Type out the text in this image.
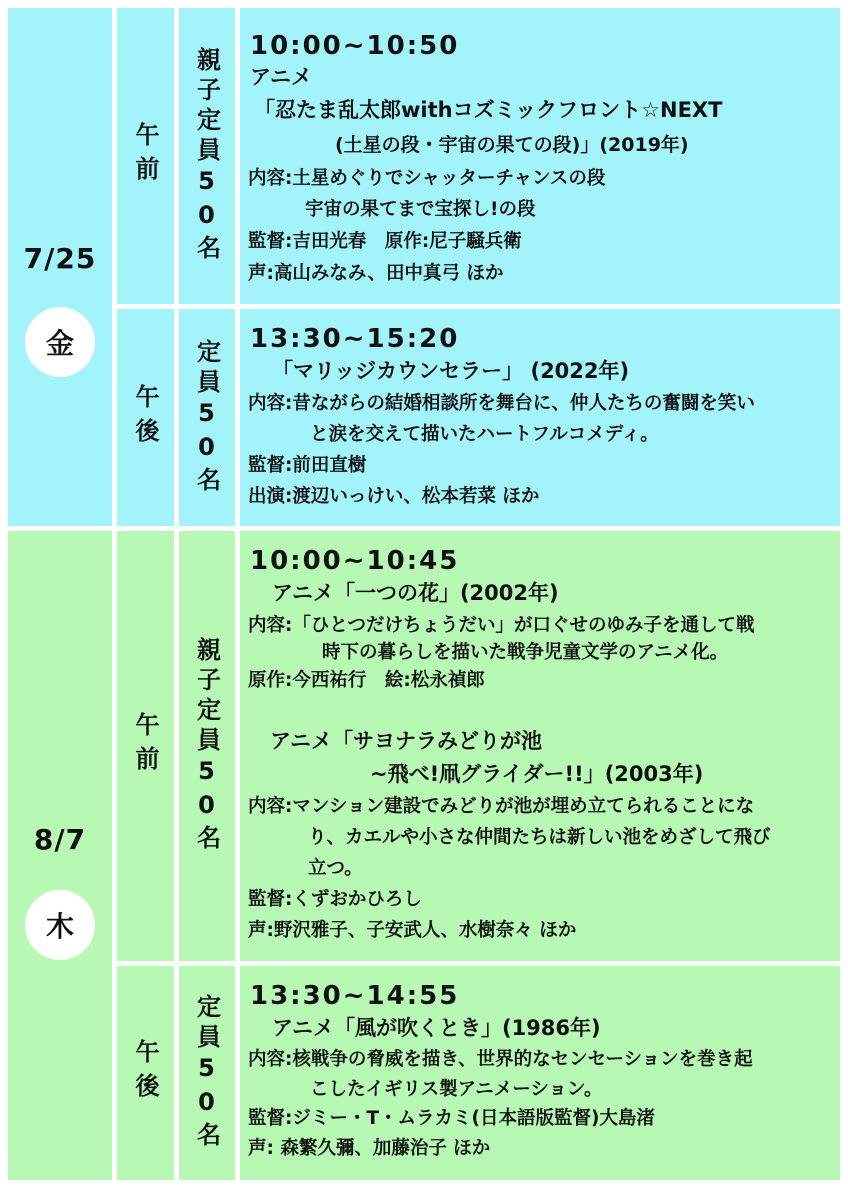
7/25
金
午前 親子定員50名
10:00~10:50
アニメ
「忍たま乱太郎withコズミックフロント☆NEXT
(土星の段・宇宙の果ての段)」(2019年)
内容:土星めぐりでシャッターチャンスの段
宇宙の果てまで宝探し!の段
監督:吉田光春　原作:尼子騒兵衛
声:高山みなみ、田中真弓 ほか
午後 定員50名 13:30~15:20
「マリッジカウンセラー」 (2022年)
内容:昔ながらの結婚相談所を舞台に、仲人たちの奮闘を笑い
と涙を交えて描いたハートフルコメディ。
監督:前田直樹
出演:渡辺いっけい、松本若菜 ほか
8/7
木
午前 親子定員50名
10:00~10:45
アニメ「一つの花」(2002年)
内容:「ひとつだけちょうだい」が口ぐせのゆみ子を通して戦
時下の暮らしを描いた戦争児童文学のアニメ化。
原作:今西祐行　絵:松永禎郎
アニメ「サヨナラみどりが池
~飛べ!凧グライダー!!」(2003年)
内容:マンション建設でみどりが池が埋め立てられることにな
り、カエルや小さな仲間たちは新しい池をめざして飛び
立つ。
監督:くずおかひろし
声:野沢雅子、子安武人、水樹奈々 ほか
午後 定員50名 13:30~14:55
アニメ「風が吹くとき」(1986年)
内容:核戦争の脅威を描き、世界的なセンセーションを巻き起
こしたイギリス製アニメーション。
監督:ジミー・T・ムラカミ(日本語版監督)大島渚
声: 森繁久彌、加藤治子 ほか
